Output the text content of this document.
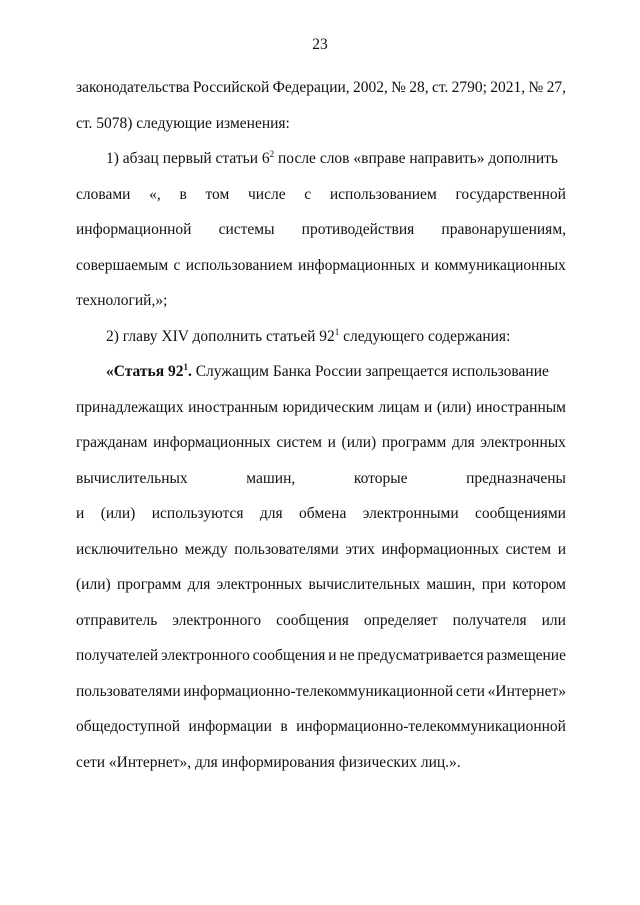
23
законодательства Российской Федерации, 2002, № 28, ст. 2790; 2021, № 27,
ст. 5078) следующие изменения:
1) абзац первый статьи $6^2$ после слов «вправе направить» дополнить
словами «, в том числе с использованием государственной
информационной системы противодействия правонарушениям,
совершаемым с использованием информационных и коммуникационных
технологий,»;
2) главу XIV дополнить статьей $92^1$ следующего содержания:
«Статья $92^1$. Служащим Банка России запрещается использование
принадлежащих иностранным юридическим лицам и (или) иностранным
гражданам информационных систем и (или) программ для электронных
вычислительных	машин,	которые	предназначены
и (или) используются для обмена электронными сообщениями
исключительно между пользователями этих информационных систем и
(или) программ для электронных вычислительных машин, при котором
отправитель электронного сообщения определяет получателя или
получателей электронного сообщения и не предусматривается размещение
пользователями информационно-телекоммуникационной сети «Интернет»
общедоступной информации в информационно-телекоммуникационной
сети «Интернет», для информирования физических лиц.».
